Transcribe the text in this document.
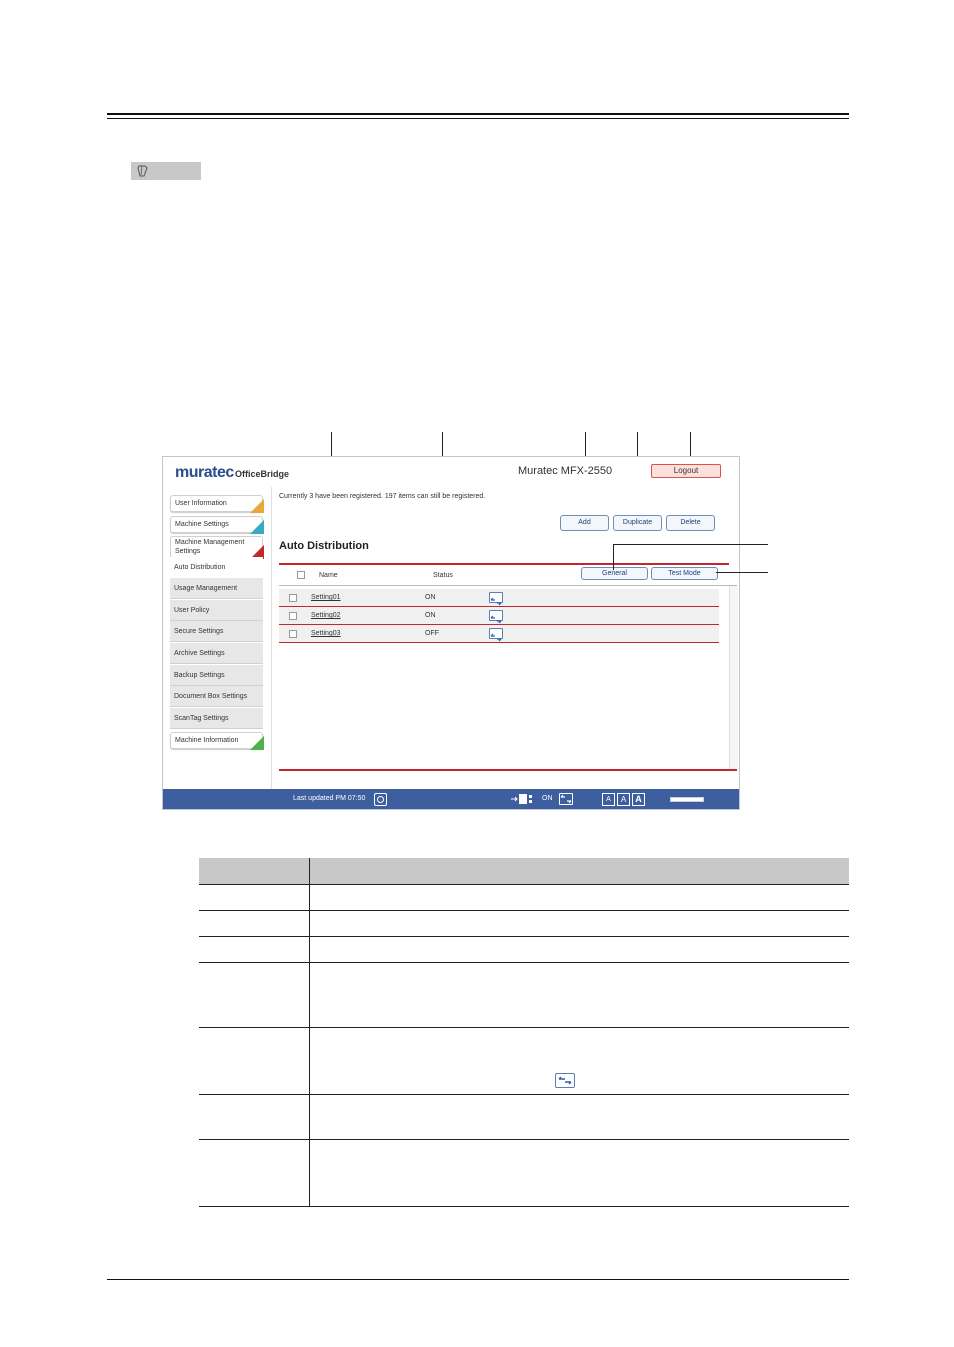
muratec OfficeBridge	Muratec MFX-2550	Logout
User Information
Machine Settings
Machine Management Settings
Auto Distribution
Usage Management
User Policy
Secure Settings
Archive Settings
Backup Settings
Document Box Settings
ScanTag Settings
Machine Information
Currently 3 have been registered. 197 items can still be registered.
Add	Duplicate	Delete
Auto Distribution
Name	Status	General	Test Mode
Setting01	ON
Setting02	ON
Setting03	OFF
Last updated PM 07:50	ON	A	A	A
